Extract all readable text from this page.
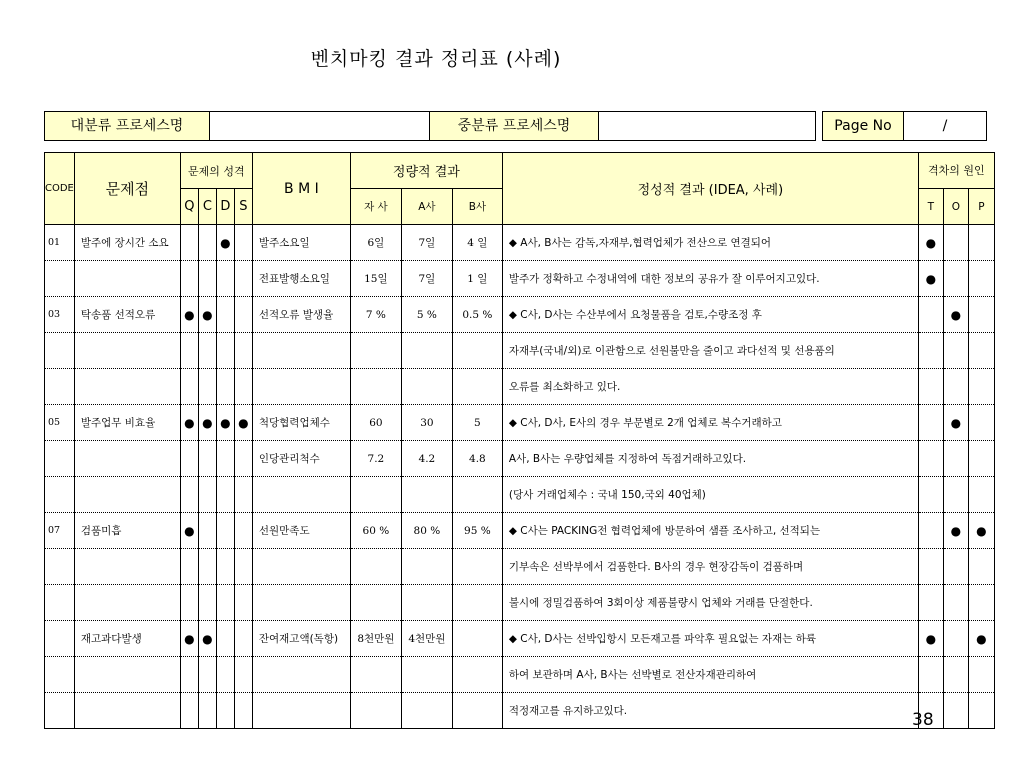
벤치마킹 결과 정리표 (사례)
대분류 프로세스명	중분류 프로세스명	Page No	/
CODE	문제점	문제의 성격				B M I	정량적 결과			정성적 결과 (IDEA, 사례)	격차의 원인		
		Q	C	D	S		자 사	A사	B사		T	O	P
01	발주에 장시간 소요			●		발주소요일	6일	7일	4 일	◆ A사, B사는 감독,자재부,협력업체가 전산으로 연결되어	●		
						전표발행소요일	15일	7일	1 일	발주가 정확하고 수정내역에 대한 정보의 공유가 잘 이루어지고있다.	●		
03	탁송품 선적오류	●	●			선적오류 발생율	7 %	5 %	0.5 %	◆ C사, D사는 수산부에서 요청물품을 검토,수량조정 후		●	
										자재부(국내/외)로 이관함으로 선원불만을 줄이고 과다선적 및 선용품의			
										오류를 최소화하고 있다.			
05	발주업무 비효율	●	●	●	●	척당협력업체수	60	30	5	◆ C사, D사, E사의 경우 부문별로 2개 업체로 복수거래하고		●	
						인당관리척수	7.2	4.2	4.8	A사, B사는 우량업체를 지정하여 독점거래하고있다.			
										(당사 거래업체수 : 국내 150,국외 40업체)			
07	검품미흡	●				선원만족도	60 %	80 %	95 %	◆ C사는 PACKING전 협력업체에 방문하여 샘플 조사하고, 선적되는		●	●
										기부속은 선박부에서 검품한다. B사의 경우 현장감독이 검품하며			
										불시에 정밀검품하여 3회이상 제품불량시 업체와 거래를 단절한다.			
	재고과다발생	●	●			잔여재고액(독항)	8천만원	4천만원		◆ C사, D사는 선박입항시 모든재고를 파악후 필요없는 자재는 하륙	●		●
										하여 보관하며 A사, B사는 선박별로 전산자재관리하여			
										적정재고를 유지하고있다.				38
